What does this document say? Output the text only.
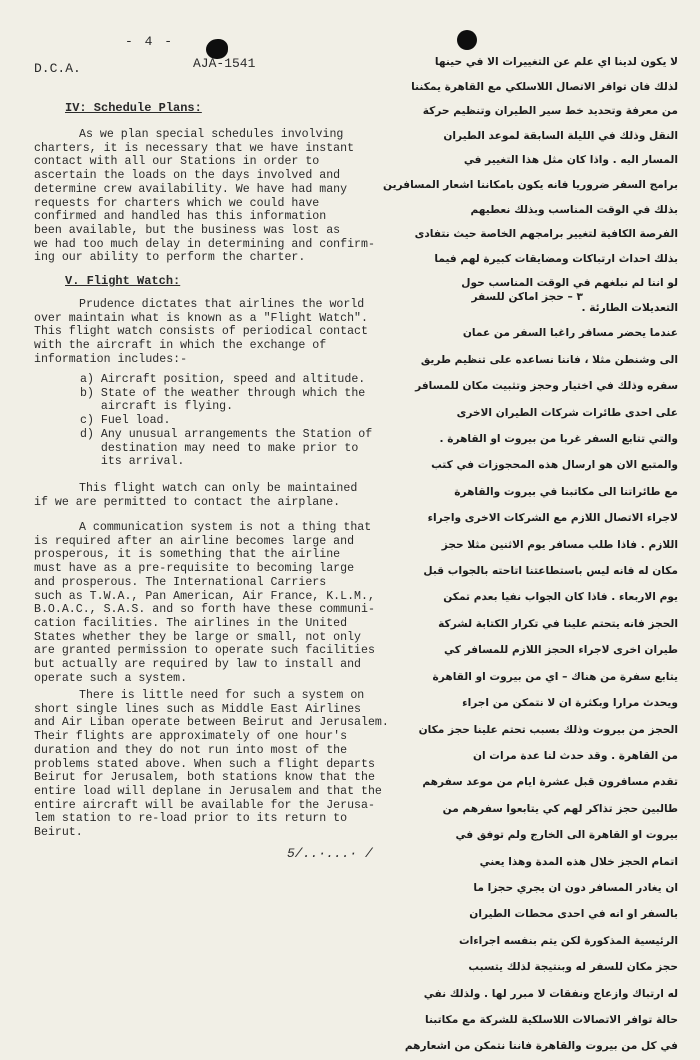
- 4 -
D.C.A.	AJA-1541
IV: Schedule Plans:

As we plan special schedules involving

charters, it is necessary that we have instant

contact with all our Stations in order to

ascertain the loads on the days involved and

determine crew availability. We have had many

requests for charters which we could have

confirmed and handled has this information

been available, but the business was lost as

we had too much delay in determining and confirm-

ing our ability to perform the charter.

V. Flight Watch:

Prudence dictates that airlines the world

over maintain what is known as a "Flight Watch".

This flight watch consists of periodical contact

with the aircraft in which the exchange of

information includes:-

a) Aircraft position, speed and altitude.
b) State of the weather through which the
aircraft is flying.
c) Fuel load.
d) Any unusual arrangements the Station of
destination may need to make prior to
its arrival.

This flight watch can only be maintained

if we are permitted to contact the airplane.

A communication system is not a thing that

is required after an airline becomes large and

prosperous, it is something that the airline

must have as a pre-requisite to becoming large

and prosperous. The International Carriers

such as T.W.A., Pan American, Air France, K.L.M.,

B.O.A.C., S.A.S. and so forth have these communi-

cation facilities. The airlines in the United

States whether they be large or small, not only

are granted permission to operate such facilities

but actually are required by law to install and

operate such a system.

There is little need for such a system on

short single lines such as Middle East Airlines

and Air Liban operate between Beirut and Jerusalem.

Their flights are approximately of one hour's

duration and they do not run into most of the

problems stated above. When such a flight departs

Beirut for Jerusalem, both stations know that the

entire load will deplane in Jerusalem and that the

entire aircraft will be available for the Jerusa-

lem station to re-load prior to its return to

Beirut.

لا يكون لدينا اي علم عن التغييرات الا في حينها

لذلك فان توافر الاتصال اللاسلكي مع القاهرة يمكننا

من معرفة وتحديد خط سير الطيران وتنظيم حركة

النقل وذلك في الليلة السابقة لموعد الطيران

المسار اليه . واذا كان مثل هذا التغيير في

برامج السفر ضروريا فانه يكون بامكاننا اشعار المسافرين

بذلك في الوقت المناسب وبذلك نعطيهم

الفرصة الكافية لتغيير برامجهم الخاصة حيث نتفادى

بذلك احداث ارتباكات ومضايقات كبيرة لهم فيما

لو اننا لم نبلغهم في الوقت المناسب حول

التعديلات الطارئة .

٣ – حجز اماكن للسفر

عندما يحضر مسافر راغبا السفر من عمان

الى وشنطن مثلا ، فاننا نساعده على تنظيم طريق

سفره وذلك في اختيار وحجز وتثبيت مكان للمسافر

على احدى طائرات شركات الطيران الاخرى

والتي تتابع السفر غربا من بيروت او القاهرة .

والمتبع الان هو ارسال هذه المحجوزات في كتب

مع طائراتنا الى مكاتبنا في بيروت والقاهرة

لاجراء الاتصال اللازم مع الشركات الاخرى واجراء

اللازم . فاذا طلب مسافر يوم الاثنين مثلا حجز

مكان له فانه ليس باستطاعتنا اتاحته بالجواب قبل

يوم الاربعاء . فاذا كان الجواب نفيا بعدم تمكن

الحجز فانه يتحتم علينا في تكرار الكتابة لشركة

طيران اخرى لاجراء الحجز اللازم للمسافر كي

يتابع سفرة من هناك – اي من بيروت او القاهرة

ويحدث مرارا وبكثرة ان لا نتمكن من اجراء

الحجز من بيروت وذلك بسبب تحتم علينا حجز مكان

من القاهرة . وقد حدث لنا عدة مرات ان

تقدم مسافرون قبل عشرة ايام من موعد سفرهم

طالبين حجز تذاكر لهم كي يتابعوا سفرهم من

بيروت او القاهرة الى الخارج ولم توفق في

اتمام الحجز خلال هذه المدة وهذا يعني

ان يغادر المسافر دون ان يجري حجزا ما

بالسفر او انه في احدى محطات الطيران

الرئيسية المذكورة لكن يتم بنفسه اجراءات

حجز مكان للسفر له وبنتيجة لذلك يتسبب

له ارتباك وازعاج ونفقات لا مبرر لها . ولذلك نفي

حالة توافر الاتصالات اللاسلكية للشركة مع مكاتبنا

في كل من بيروت والقاهرة فاننا نتمكن من اشعارهم

5/..·...· /
